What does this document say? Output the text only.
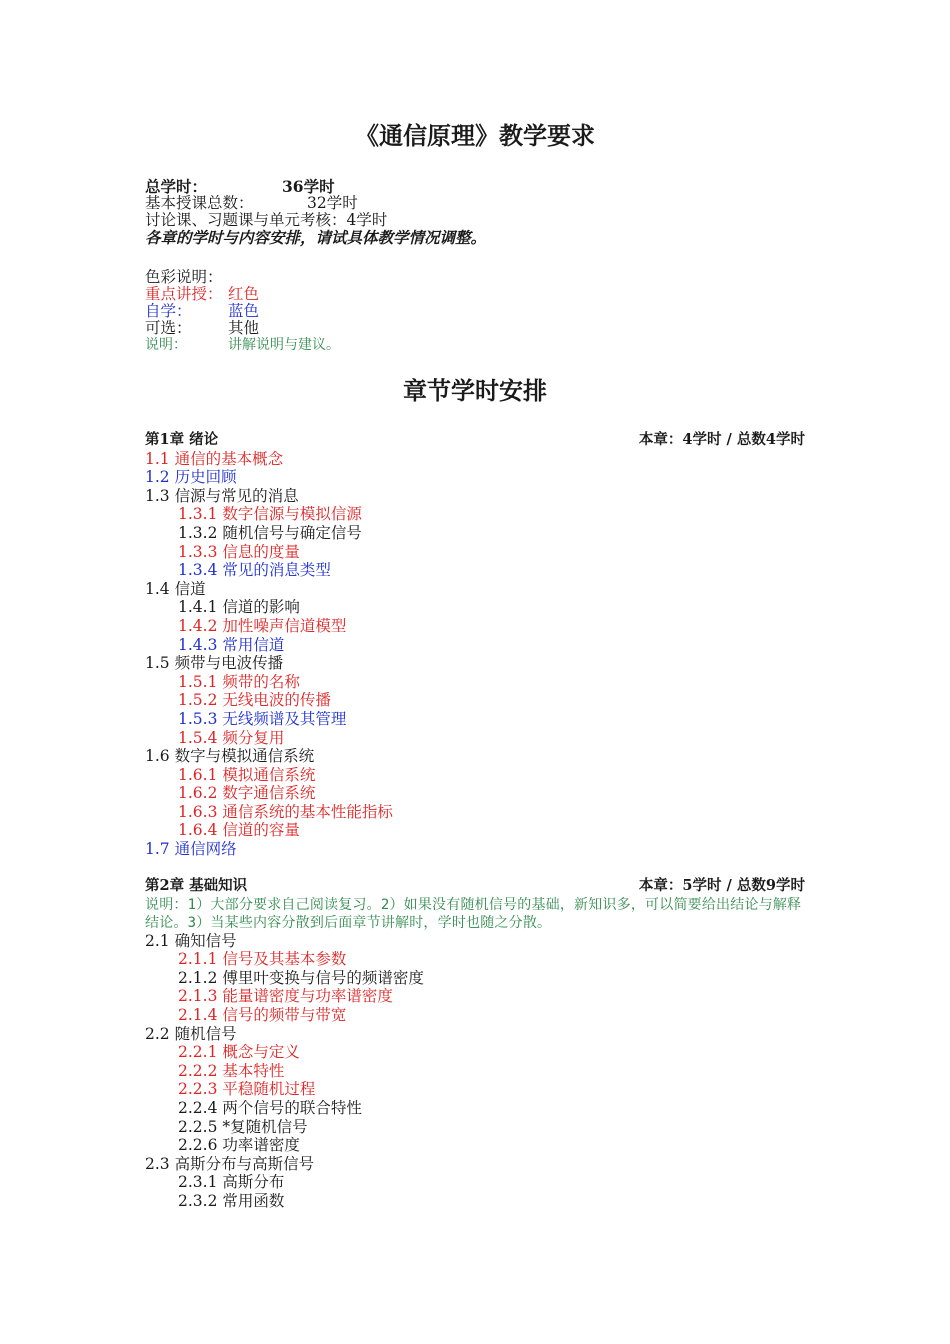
《通信原理》教学要求
总学时：	36学时
基本授课总数：	32学时
讨论课、习题课与单元考核：4学时
各章的学时与内容安排，请试具体教学情况调整。
色彩说明：
重点讲授： 红色
自学： 蓝色
可选： 其他
说明：	讲解说明与建议。
章节学时安排
第1章 绪论	本章：4学时 / 总数4学时
1.1 通信的基本概念
1.2 历史回顾
1.3 信源与常见的消息
1.3.1 数字信源与模拟信源
1.3.2 随机信号与确定信号
1.3.3 信息的度量
1.3.4 常见的消息类型
1.4 信道
1.4.1 信道的影响
1.4.2 加性噪声信道模型
1.4.3 常用信道
1.5 频带与电波传播
1.5.1 频带的名称
1.5.2 无线电波的传播
1.5.3 无线频谱及其管理
1.5.4 频分复用
1.6 数字与模拟通信系统
1.6.1 模拟通信系统
1.6.2 数字通信系统
1.6.3 通信系统的基本性能指标
1.6.4 信道的容量
1.7 通信网络
第2章 基础知识	本章：5学时 / 总数9学时
说明：1）大部分要求自己阅读复习。2）如果没有随机信号的基础，新知识多，可以简要给出结论与解释结论。3）当某些内容分散到后面章节讲解时，学时也随之分散。
2.1 确知信号
2.1.1 信号及其基本参数
2.1.2 傅里叶变换与信号的频谱密度
2.1.3 能量谱密度与功率谱密度
2.1.4 信号的频带与带宽
2.2 随机信号
2.2.1 概念与定义
2.2.2 基本特性
2.2.3 平稳随机过程
2.2.4 两个信号的联合特性
2.2.5 *复随机信号
2.2.6 功率谱密度
2.3 高斯分布与高斯信号
2.3.1 高斯分布
2.3.2 常用函数
